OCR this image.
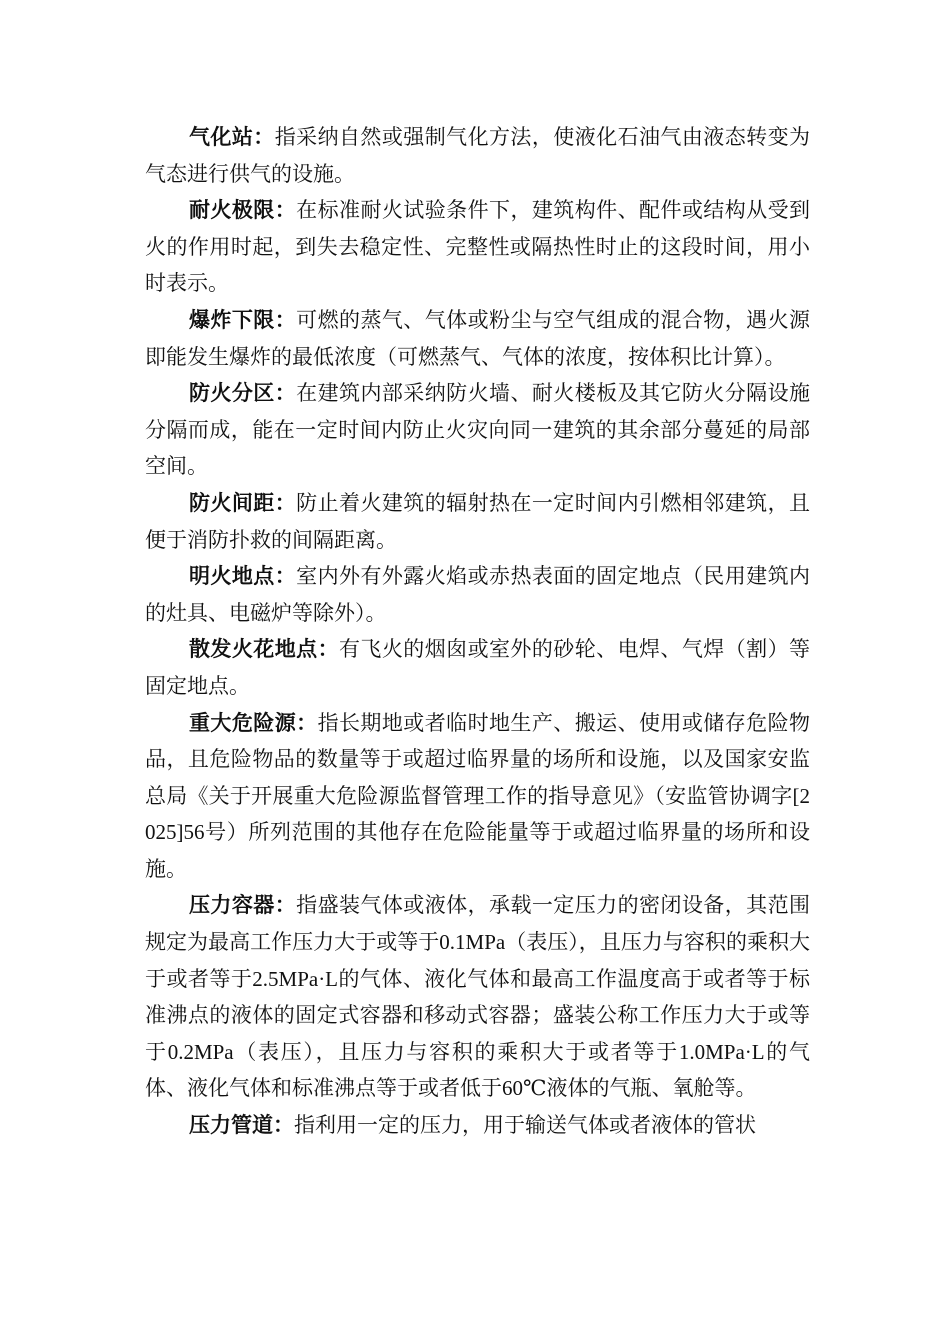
气化站：指采纳自然或强制气化方法，使液化石油气由液态转变为气态进行供气的设施。

耐火极限：在标准耐火试验条件下，建筑构件、配件或结构从受到火的作用时起，到失去稳定性、完整性或隔热性时止的这段时间，用小时表示。

爆炸下限：可燃的蒸气、气体或粉尘与空气组成的混合物，遇火源即能发生爆炸的最低浓度（可燃蒸气、气体的浓度，按体积比计算）。

防火分区：在建筑内部采纳防火墙、耐火楼板及其它防火分隔设施分隔而成，能在一定时间内防止火灾向同一建筑的其余部分蔓延的局部空间。

防火间距：防止着火建筑的辐射热在一定时间内引燃相邻建筑，且便于消防扑救的间隔距离。

明火地点：室内外有外露火焰或赤热表面的固定地点（民用建筑内的灶具、电磁炉等除外）。

散发火花地点：有飞火的烟囱或室外的砂轮、电焊、气焊（割）等固定地点。

重大危险源：指长期地或者临时地生产、搬运、使用或储存危险物品，且危险物品的数量等于或超过临界量的场所和设施，以及国家安监总局《关于开展重大危险源监督管理工作的指导意见》（安监管协调字[2025]56号）所列范围的其他存在危险能量等于或超过临界量的场所和设施。

压力容器：指盛装气体或液体，承载一定压力的密闭设备，其范围规定为最高工作压力大于或等于0.1MPa（表压），且压力与容积的乘积大于或者等于2.5MPa·L的气体、液化气体和最高工作温度高于或者等于标准沸点的液体的固定式容器和移动式容器；盛装公称工作压力大于或等于0.2MPa（表压），且压力与容积的乘积大于或者等于1.0MPa·L的气体、液化气体和标准沸点等于或者低于60℃液体的气瓶、氧舱等。

压力管道：指利用一定的压力，用于输送气体或者液体的管状
